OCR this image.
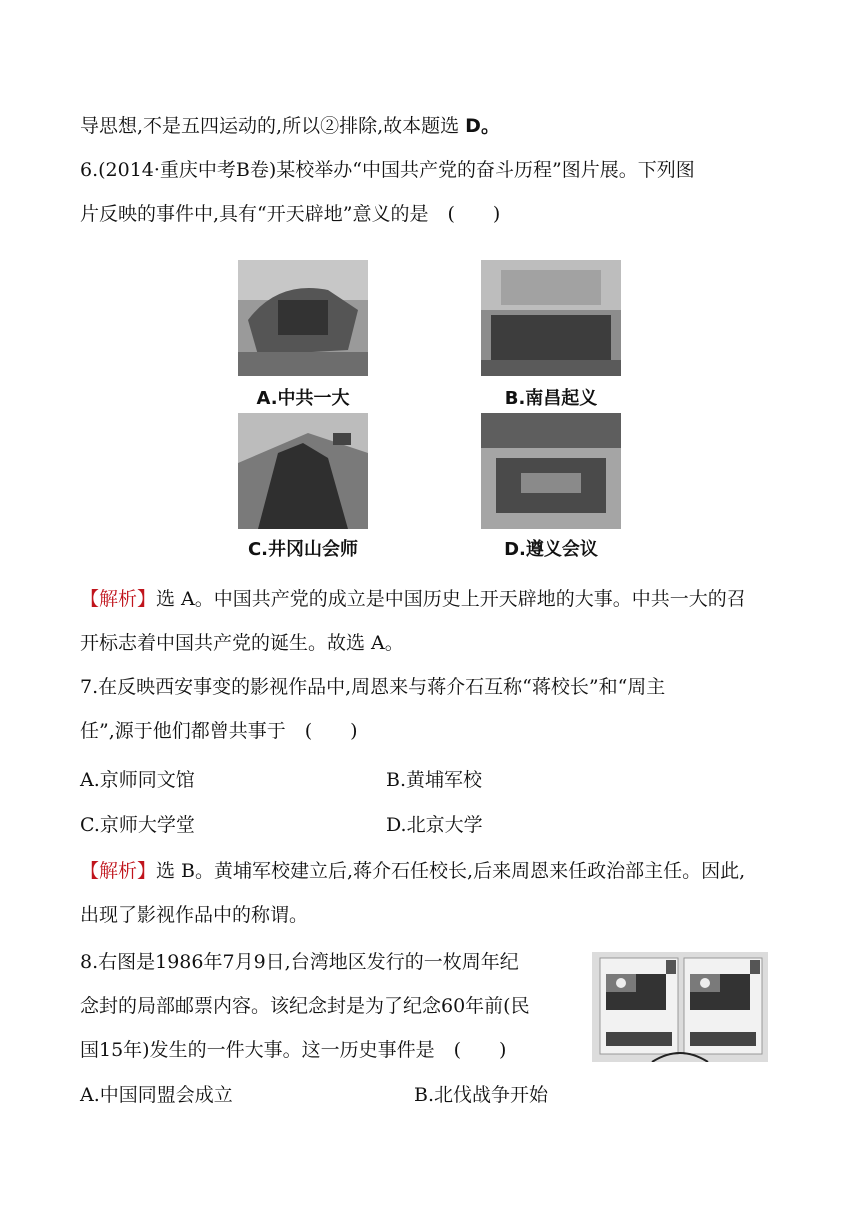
导思想,不是五四运动的,所以②排除,故本题选 D。
6.(2014·重庆中考B卷)某校举办“中国共产党的奋斗历程”图片展。下列图
片反映的事件中,具有“开天辟地”意义的是　(　　)
A.中共一大	B.南昌起义
C.井冈山会师	D.遵义会议
【解析】选 A。中国共产党的成立是中国历史上开天辟地的大事。中共一大的召
开标志着中国共产党的诞生。故选 A。
7.在反映西安事变的影视作品中,周恩来与蒋介石互称“蒋校长”和“周主
任”,源于他们都曾共事于　(　　)
A.京师同文馆	B.黄埔军校
C.京师大学堂	D.北京大学
【解析】选 B。黄埔军校建立后,蒋介石任校长,后来周恩来任政治部主任。因此,
出现了影视作品中的称谓。
8.右图是1986年7月9日,台湾地区发行的一枚周年纪
念封的局部邮票内容。该纪念封是为了纪念60年前(民
国15年)发生的一件大事。这一历史事件是　(　　)
A.中国同盟会成立	B.北伐战争开始
